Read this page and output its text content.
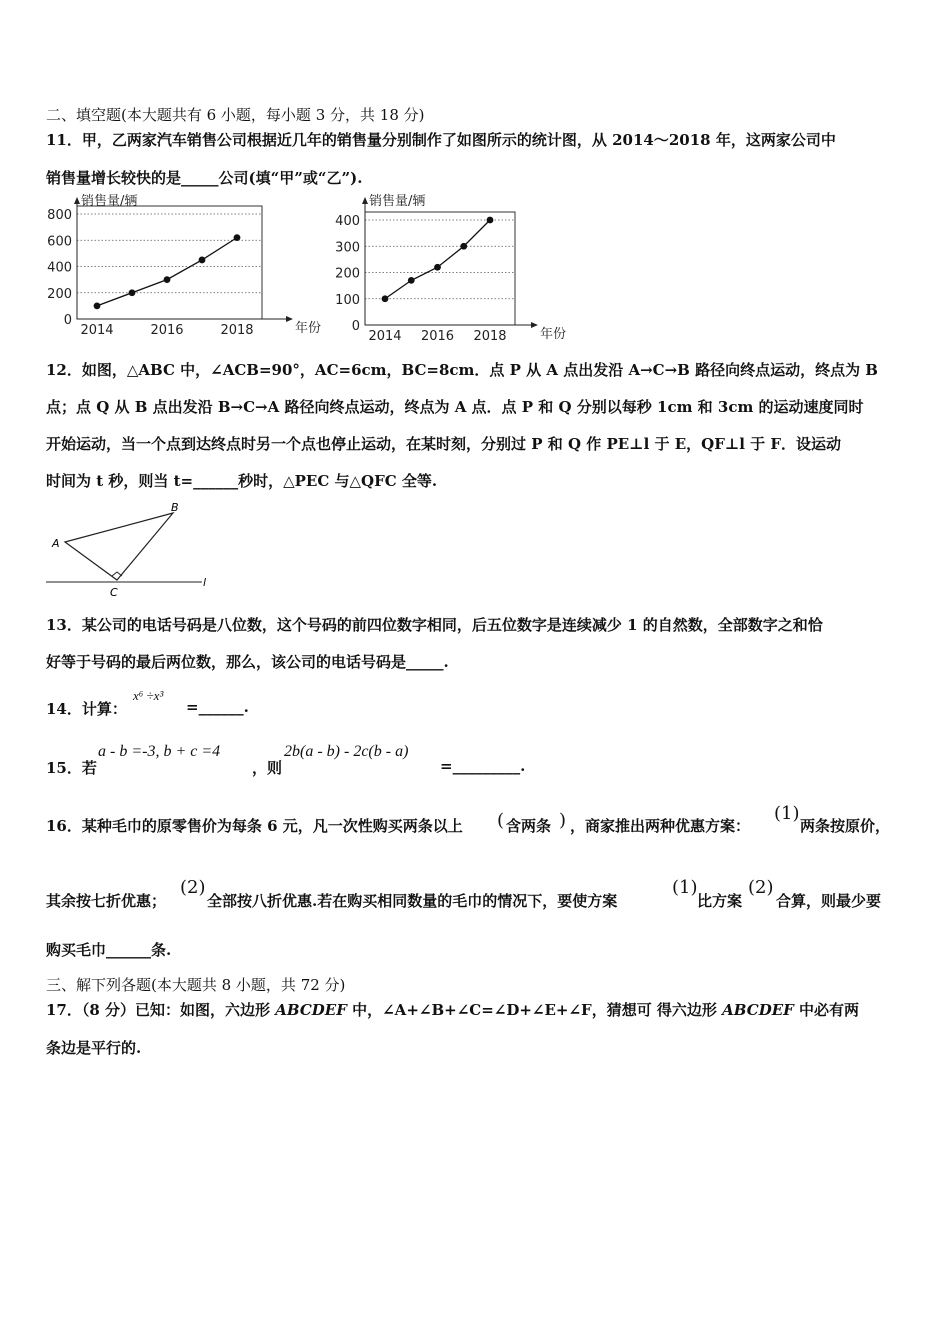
二、填空题(本大题共有 6 小题，每小题 3 分，共 18 分)
11．甲，乙两家汽车销售公司根据近几年的销售量分别制作了如图所示的统计图，从 2014～2018 年，这两家公司中
销售量增长较快的是_____公司(填“甲”或“乙”).
0
200
400
600
800
销售量/辆
年份
2014	2016	2018	0
100
200
300
400
销售量/辆
年份
2014 2016 2018
12．如图，△ABC 中，∠ACB=90°，AC=6cm，BC=8cm．点 P 从 A 点出发沿 A→C→B 路径向终点运动，终点为 B
点；点 Q 从 B 点出发沿 B→C→A 路径向终点运动，终点为 A 点．点 P 和 Q 分别以每秒 1cm 和 3cm 的运动速度同时
开始运动，当一个点到达终点时另一个点也停止运动，在某时刻，分别过 P 和 Q 作 PE⊥l 于 E，QF⊥l 于 F．设运动
时间为 t 秒，则当 t=______秒时，△PEC 与△QFC 全等.
A
B
C
l
13．某公司的电话号码是八位数，这个号码的前四位数字相同，后五位数字是连续减少 1 的自然数，全部数字之和恰
好等于号码的最后两位数，那么，该公司的电话号码是_____.
14．计算：
x⁶ ÷x³
=______.
15．若
a - b =-3, b + c =4
，则
2b(a - b) - 2c(b - a)
=_________.
16．某种毛巾的原零售价为每条 6 元，凡一次性购买两条以上 ( 含两条 ) ，商家推出两种优惠方案：
(1)
两条按原价，
其余按七折优惠；
(2)
全部按八折优惠.若在购买相同数量的毛巾的情况下，要使方案
(1)
比方案
(2)
合算，则最少要
购买毛巾______条.
三、解下列各题(本大题共 8 小题，共 72 分)
17．（8 分）已知：如图，六边形 ABCDEF 中，∠A+∠B+∠C=∠D+∠E+∠F，猜想可 得六边形 ABCDEF 中必有两
条边是平行的.
